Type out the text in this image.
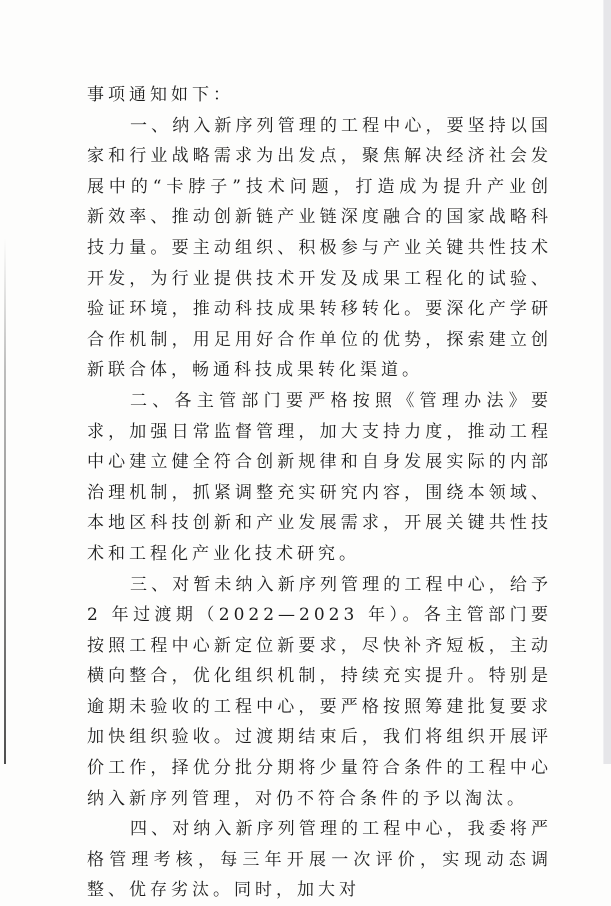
事项通知如下：

一、纳入新序列管理的工程中心，要坚持以国家和行业战略需求为出发点，聚焦解决经济社会发展中的“卡脖子”技术问题，打造成为提升产业创新效率、推动创新链产业链深度融合的国家战略科技力量。要主动组织、积极参与产业关键共性技术开发，为行业提供技术开发及成果工程化的试验、验证环境，推动科技成果转移转化。要深化产学研合作机制，用足用好合作单位的优势，探索建立创新联合体，畅通科技成果转化渠道。

二、各主管部门要严格按照《管理办法》要求，加强日常监督管理，加大支持力度，推动工程中心建立健全符合创新规律和自身发展实际的内部治理机制，抓紧调整充实研究内容，围绕本领域、本地区科技创新和产业发展需求，开展关键共性技术和工程化产业化技术研究。

三、对暂未纳入新序列管理的工程中心，给予 2 年过渡期（2022—2023 年）。各主管部门要按照工程中心新定位新要求，尽快补齐短板，主动横向整合，优化组织机制，持续充实提升。特别是逾期未验收的工程中心，要严格按照筹建批复要求加快组织验收。过渡期结束后，我们将组织开展评价工作，择优分批分期将少量符合条件的工程中心纳入新序列管理，对仍不符合条件的予以淘汰。

四、对纳入新序列管理的工程中心，我委将严格管理考核，每三年开展一次评价，实现动态调整、优存劣汰。同时，加大对
